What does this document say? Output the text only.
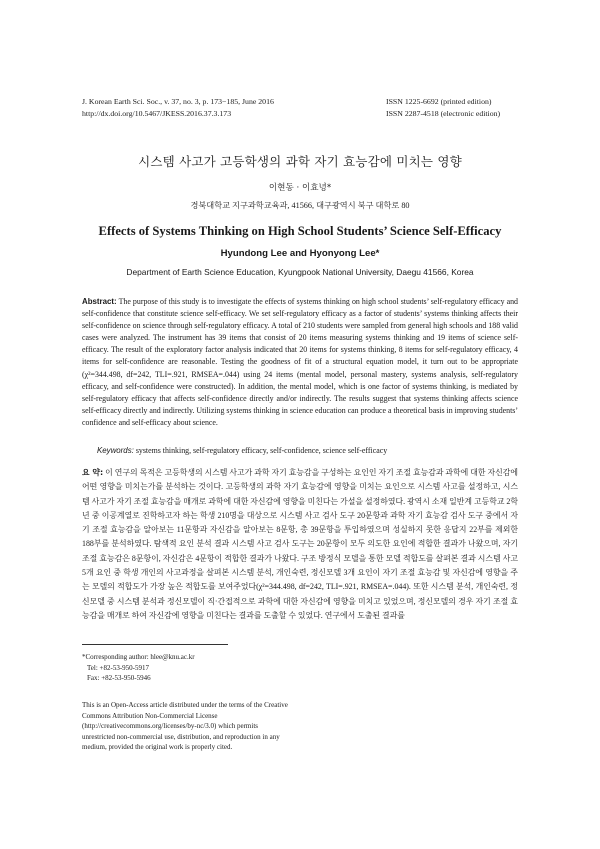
J. Korean Earth Sci. Soc., v. 37, no. 3, p. 173−185, June 2016
http://dx.doi.org/10.5467/JKESS.2016.37.3.173
ISSN 1225-6692 (printed edition)
ISSN 2287-4518 (electronic edition)
시스템 사고가 고등학생의 과학 자기 효능감에 미치는 영향
이현동 · 이효녕*
경북대학교 지구과학교육과, 41566, 대구광역시 북구 대학로 80
Effects of Systems Thinking on High School Students’ Science Self-Efficacy
Hyundong Lee and Hyonyong Lee*
Department of Earth Science Education, Kyungpook National University, Daegu 41566, Korea
Abstract: The purpose of this study is to investigate the effects of systems thinking on high school students’ self-regulatory efficacy and self-confidence that constitute science self-efficacy. We set self-regulatory efficacy as a factor of students’ systems thinking affects their self-confidence on science through self-regulatory efficacy. A total of 210 students were sampled from general high schools and 188 valid cases were analyzed. The instrument has 39 items that consist of 20 items measuring systems thinking and 19 items of science self-efficacy. The result of the exploratory factor analysis indicated that 20 items for systems thinking, 8 items for self-regulatory efficacy, 4 items for self-confidence are reasonable. Testing the goodness of fit of a structural equation model, it turn out to be appropriate (χ²=344.498, df=242, TLI=.921, RMSEA=.044) using 24 items (mental model, personal mastery, systems analysis, self-regulatory efficacy, and self-confidence were constructed). In addition, the mental model, which is one factor of systems thinking, is mediated by self-regulatory efficacy that affects self-confidence directly and/or indirectly. The results suggest that systems thinking affects science self-efficacy directly and indirectly. Utilizing systems thinking in science education can produce a theoretical basis in improving students’ confidence and self-efficacy about science.
Keywords: systems thinking, self-regulatory efficacy, self-confidence, science self-efficacy
요 약: 이 연구의 목적은 고등학생의 시스템 사고가 과학 자기 효능감을 구성하는 요인인 자기 조절 효능감과 과학에 대한 자신감에 어떤 영향을 미치는가를 분석하는 것이다. 고등학생의 과학 자기 효능감에 영향을 미치는 요인으로 시스템 사고를 설정하고, 시스템 사고가 자기 조절 효능감을 매개로 과학에 대한 자신감에 영향을 미친다는 가설을 설정하였다. 광역시 소재 일반계 고등학교 2학년 중 이공계열로 진학하고자 하는 학생 210명을 대상으로 시스템 사고 검사 도구 20문항과 과학 자기 효능감 검사 도구 중에서 자기 조절 효능감을 알아보는 11문항과 자신감을 알아보는 8문항, 총 39문항을 투입하였으며 성실하지 못한 응답지 22부를 제외한 188부를 분석하였다. 탐색적 요인 분석 결과 시스템 사고 검사 도구는 20문항이 모두 의도한 요인에 적합한 결과가 나왔으며, 자기 조절 효능감은 8문항이, 자신감은 4문항이 적합한 결과가 나왔다. 구조 방정식 모델을 통한 모델 적합도를 살펴본 결과 시스템 사고 5개 요인 중 학생 개인의 사고과정을 살펴본 시스템 분석, 개인숙련, 정신모델 3개 요인이 자기 조절 효능감 및 자신감에 영향을 주는 모델의 적합도가 가장 높은 적합도를 보여주었다(χ²=344.498, df=242, TLI=.921, RMSEA=.044). 또한 시스템 분석, 개인숙련, 정신모델 중 시스템 분석과 정신모델이 직·간접적으로 과학에 대한 자신감에 영향을 미치고 있었으며, 정신모델의 경우 자기 조절 효능감을 매개로 하여 자신감에 영향을 미친다는 결과를 도출할 수 있었다. 연구에서 도출된 결과를
*Corresponding author: hlee@knu.ac.kr
Tel: +82-53-950-5917
Fax: +82-53-950-5946
This is an Open-Access article distributed under the terms of the Creative Commons Attribution Non-Commercial License (http://creativecommons.org/licenses/by-nc/3.0) which permits unrestricted non-commercial use, distribution, and reproduction in any medium, provided the original work is properly cited.
